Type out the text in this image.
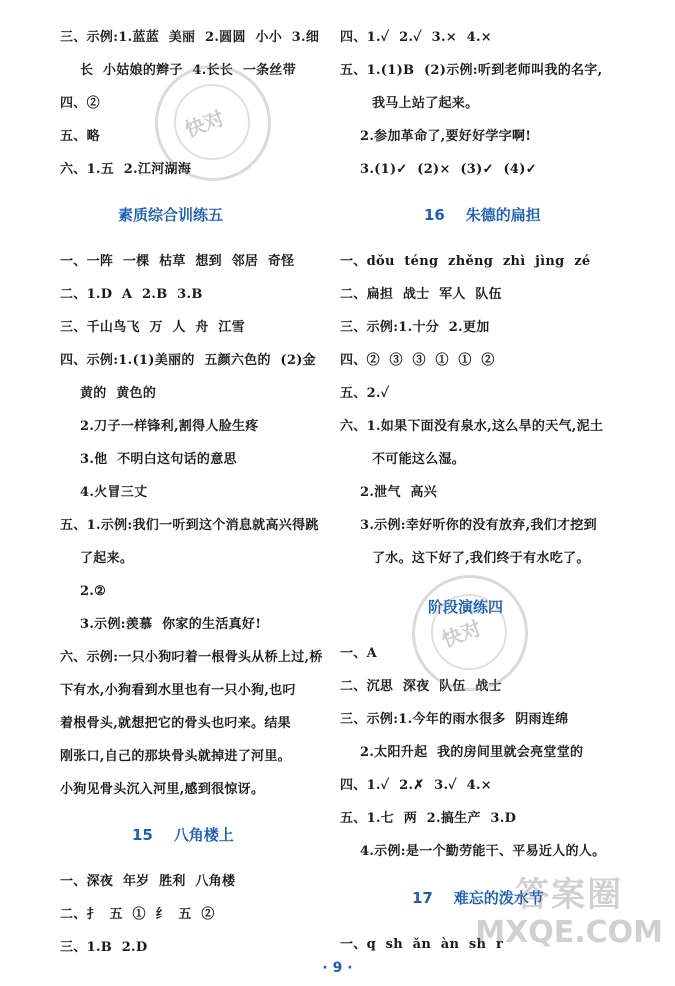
三、示例:1.蓝蓝  美丽  2.圆圆  小小  3.细
长  小姑娘的辫子  4.长长  一条丝带
四、②
五、略
六、1.五  2.江河湖海
素质综合训练五
一、一阵  一棵  枯草  想到  邻居  奇怪
二、1.D  A  2.B  3.B
三、千山鸟飞  万  人  舟  江雪
四、示例:1.(1)美丽的  五颜六色的  (2)金
黄的  黄色的
2.刀子一样锋利,割得人脸生疼
3.他  不明白这句话的意思
4.火冒三丈
五、1.示例:我们一听到这个消息就高兴得跳
了起来。
2.②
3.示例:羡慕  你家的生活真好!
六、示例:一只小狗叼着一根骨头从桥上过,桥
下有水,小狗看到水里也有一只小狗,也叼
着根骨头,就想把它的骨头也叼来。结果
刚张口,自己的那块骨头就掉进了河里。
小狗见骨头沉入河里,感到很惊讶。
15    八角楼上
一、深夜  年岁  胜利  八角楼
二、扌  五  ①  纟  五  ②
三、1.B  2.D
四、1.✓  2.✓  3.×  4.×
五、1.(1)B  (2)示例:听到老师叫我的名字,
我马上站了起来。
2.参加革命了,要好好学字啊!
3.(1)✓  (2)×  (3)✓  (4)✓
16    朱德的扁担
一、dǒu  téng  zhěng  zhì  jìng  zé
二、扁担  战士  军人  队伍
三、示例:1.十分  2.更加
四、②  ③  ③  ①  ①  ②
五、2.✓
六、1.如果下面没有泉水,这么旱的天气,泥土
不可能这么湿。
2.泄气  高兴
3.示例:幸好听你的没有放弃,我们才挖到
了水。这下好了,我们终于有水吃了。
阶段演练四
一、A
二、沉思  深夜  队伍  战士
三、示例:1.今年的雨水很多  阴雨连绵
2.太阳升起  我的房间里就会亮堂堂的
四、1.✓  2.✗  3.✓  4.×
五、1.七  两  2.搞生产  3.D
4.示例:是一个勤劳能干、平易近人的人。
17    难忘的泼水节
一、q  sh  ǎn  àn  sh  r
快对
快对
答案圈
MXQE.COM
· 9 ·
